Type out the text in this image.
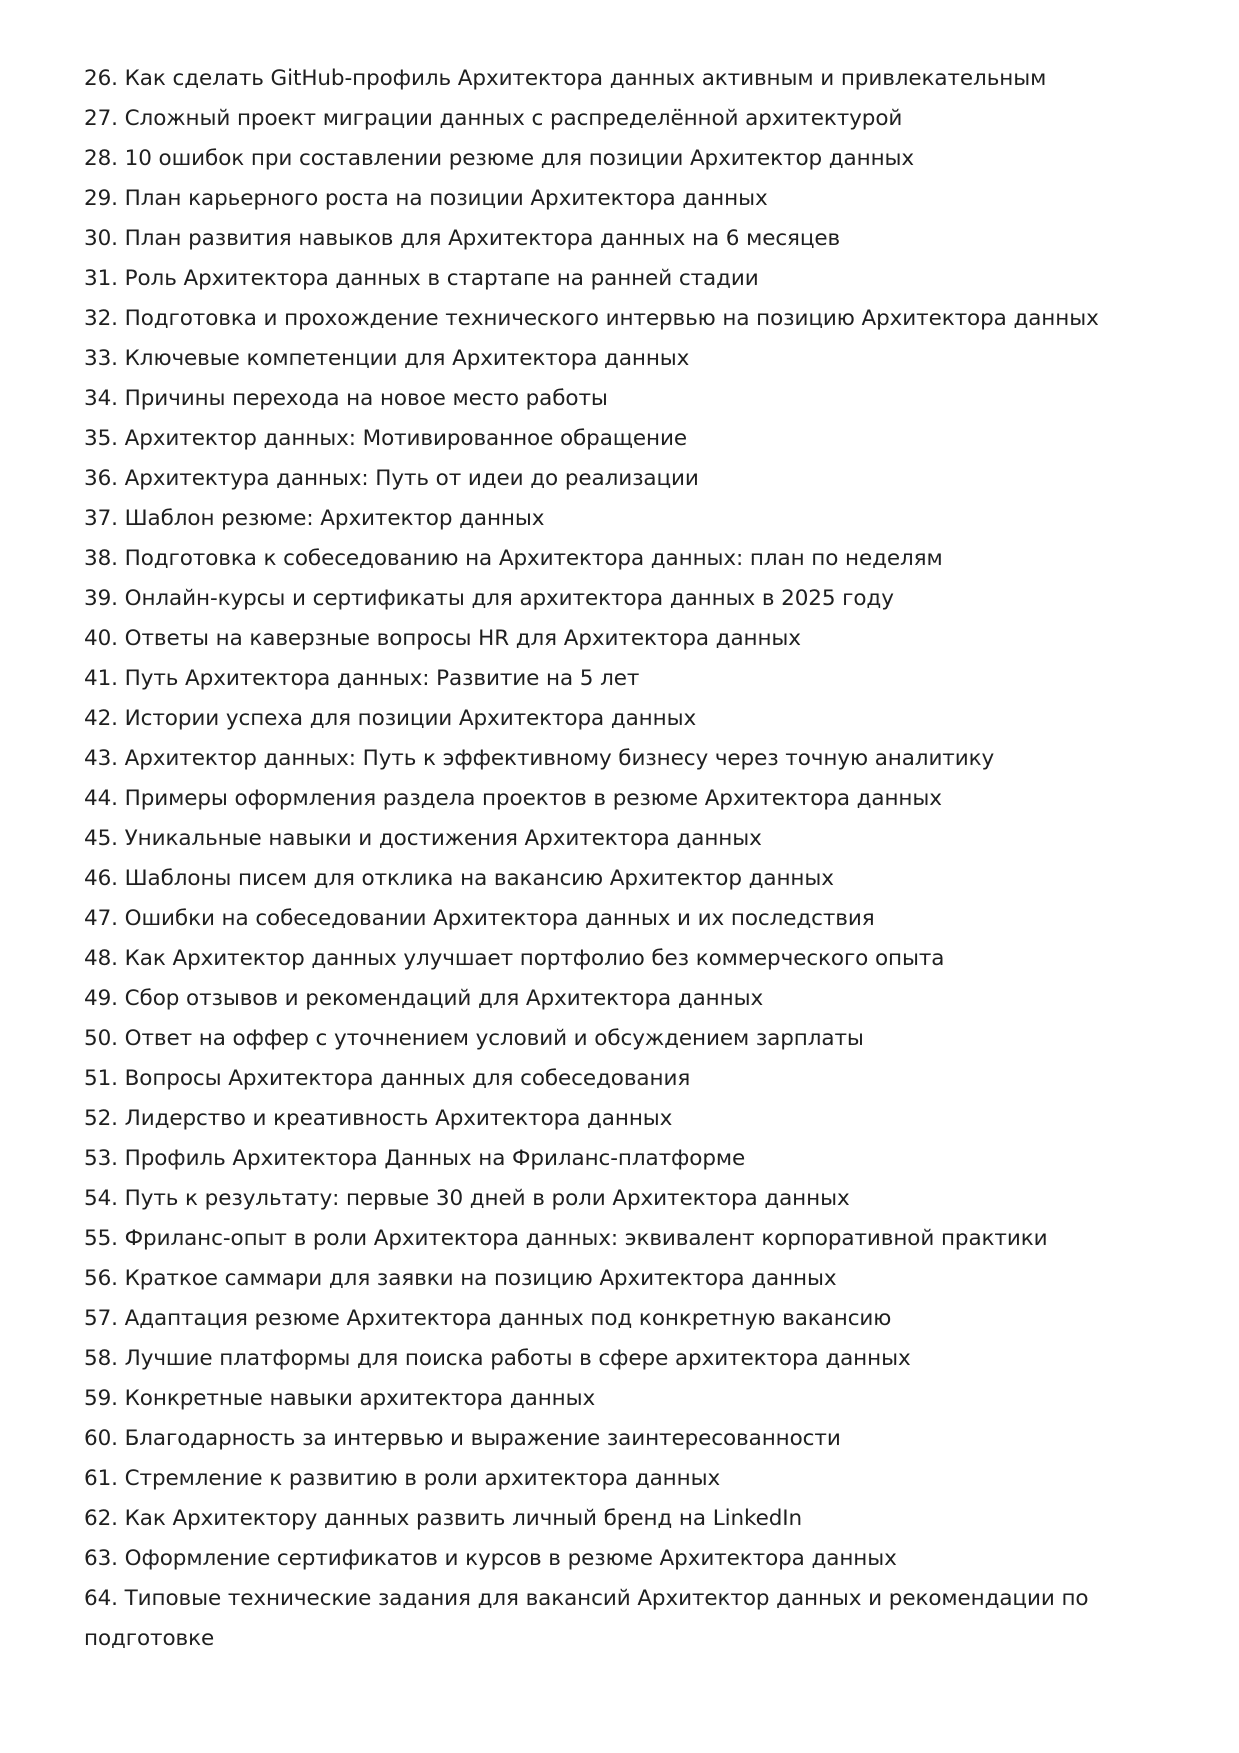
26. Как сделать GitHub-профиль Архитектора данных активным и привлекательным
27. Сложный проект миграции данных с распределённой архитектурой
28. 10 ошибок при составлении резюме для позиции Архитектор данных
29. План карьерного роста на позиции Архитектора данных
30. План развития навыков для Архитектора данных на 6 месяцев
31. Роль Архитектора данных в стартапе на ранней стадии
32. Подготовка и прохождение технического интервью на позицию Архитектора данных
33. Ключевые компетенции для Архитектора данных
34. Причины перехода на новое место работы
35. Архитектор данных: Мотивированное обращение
36. Архитектура данных: Путь от идеи до реализации
37. Шаблон резюме: Архитектор данных
38. Подготовка к собеседованию на Архитектора данных: план по неделям
39. Онлайн-курсы и сертификаты для архитектора данных в 2025 году
40. Ответы на каверзные вопросы HR для Архитектора данных
41. Путь Архитектора данных: Развитие на 5 лет
42. Истории успеха для позиции Архитектора данных
43. Архитектор данных: Путь к эффективному бизнесу через точную аналитику
44. Примеры оформления раздела проектов в резюме Архитектора данных
45. Уникальные навыки и достижения Архитектора данных
46. Шаблоны писем для отклика на вакансию Архитектор данных
47. Ошибки на собеседовании Архитектора данных и их последствия
48. Как Архитектор данных улучшает портфолио без коммерческого опыта
49. Сбор отзывов и рекомендаций для Архитектора данных
50. Ответ на оффер с уточнением условий и обсуждением зарплаты
51. Вопросы Архитектора данных для собеседования
52. Лидерство и креативность Архитектора данных
53. Профиль Архитектора Данных на Фриланс-платформе
54. Путь к результату: первые 30 дней в роли Архитектора данных
55. Фриланс-опыт в роли Архитектора данных: эквивалент корпоративной практики
56. Краткое саммари для заявки на позицию Архитектора данных
57. Адаптация резюме Архитектора данных под конкретную вакансию
58. Лучшие платформы для поиска работы в сфере архитектора данных
59. Конкретные навыки архитектора данных
60. Благодарность за интервью и выражение заинтересованности
61. Стремление к развитию в роли архитектора данных
62. Как Архитектору данных развить личный бренд на LinkedIn
63. Оформление сертификатов и курсов в резюме Архитектора данных
64. Типовые технические задания для вакансий Архитектор данных и рекомендации по подготовке
